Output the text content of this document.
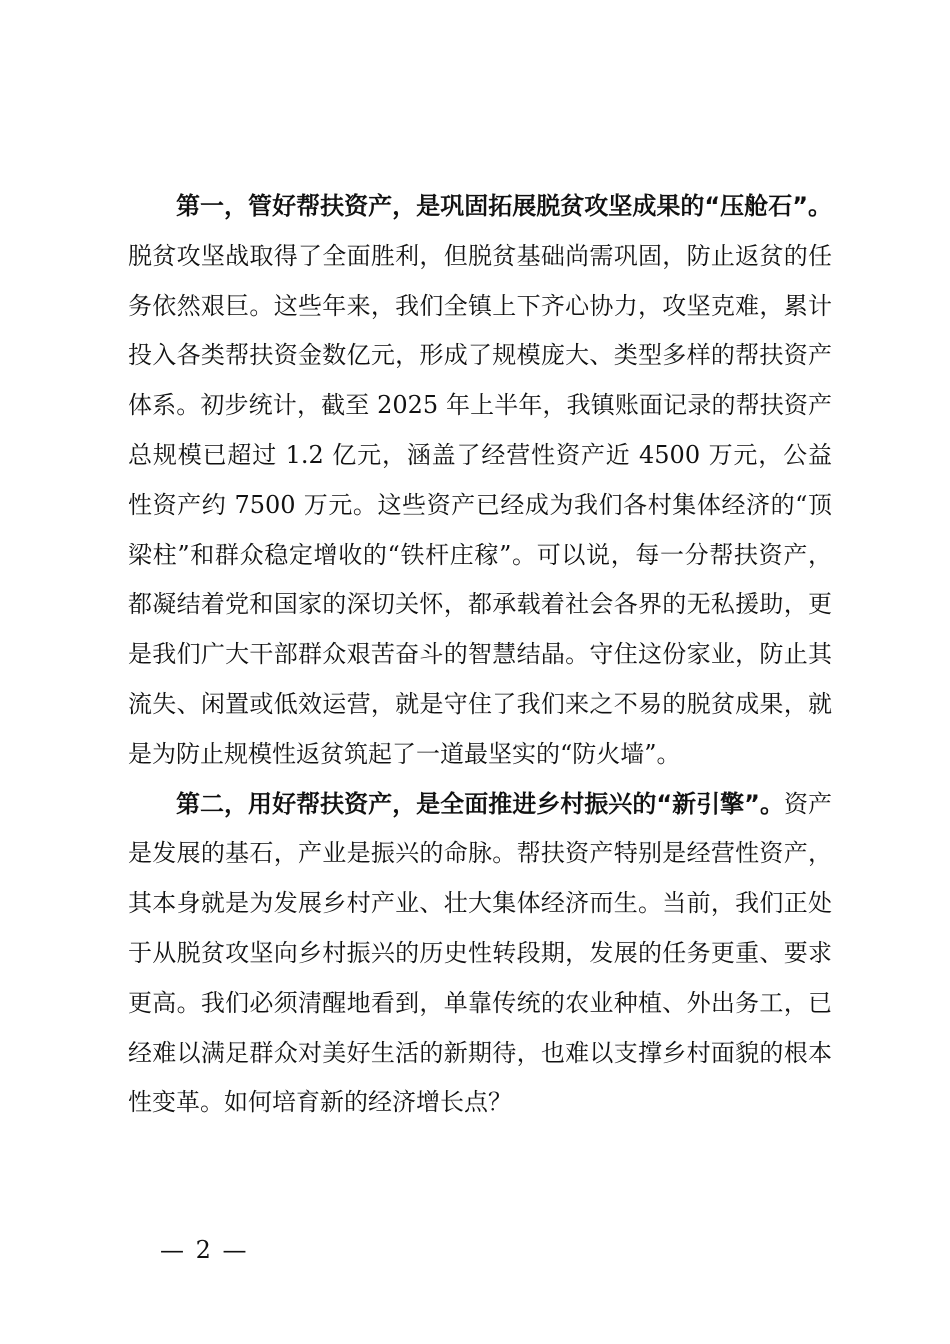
第一，管好帮扶资产，是巩固拓展脱贫攻坚成果的“压舱石”。脱贫攻坚战取得了全面胜利，但脱贫基础尚需巩固，防止返贫的任务依然艰巨。这些年来，我们全镇上下齐心协力，攻坚克难，累计投入各类帮扶资金数亿元，形成了规模庞大、类型多样的帮扶资产体系。初步统计，截至 2025 年上半年，我镇账面记录的帮扶资产总规模已超过 1.2 亿元，涵盖了经营性资产近 4500 万元，公益性资产约 7500 万元。这些资产已经成为我们各村集体经济的“顶梁柱”和群众稳定增收的“铁杆庄稼”。可以说，每一分帮扶资产，都凝结着党和国家的深切关怀，都承载着社会各界的无私援助，更是我们广大干部群众艰苦奋斗的智慧结晶。守住这份家业，防止其流失、闲置或低效运营，就是守住了我们来之不易的脱贫成果，就是为防止规模性返贫筑起了一道最坚实的“防火墙”。

第二，用好帮扶资产，是全面推进乡村振兴的“新引擎”。资产是发展的基石，产业是振兴的命脉。帮扶资产特别是经营性资产，其本身就是为发展乡村产业、壮大集体经济而生。当前，我们正处于从脱贫攻坚向乡村振兴的历史性转段期，发展的任务更重、要求更高。我们必须清醒地看到，单靠传统的农业种植、外出务工，已经难以满足群众对美好生活的新期待，也难以支撑乡村面貌的根本性变革。如何培育新的经济增长点？

— 2 —
